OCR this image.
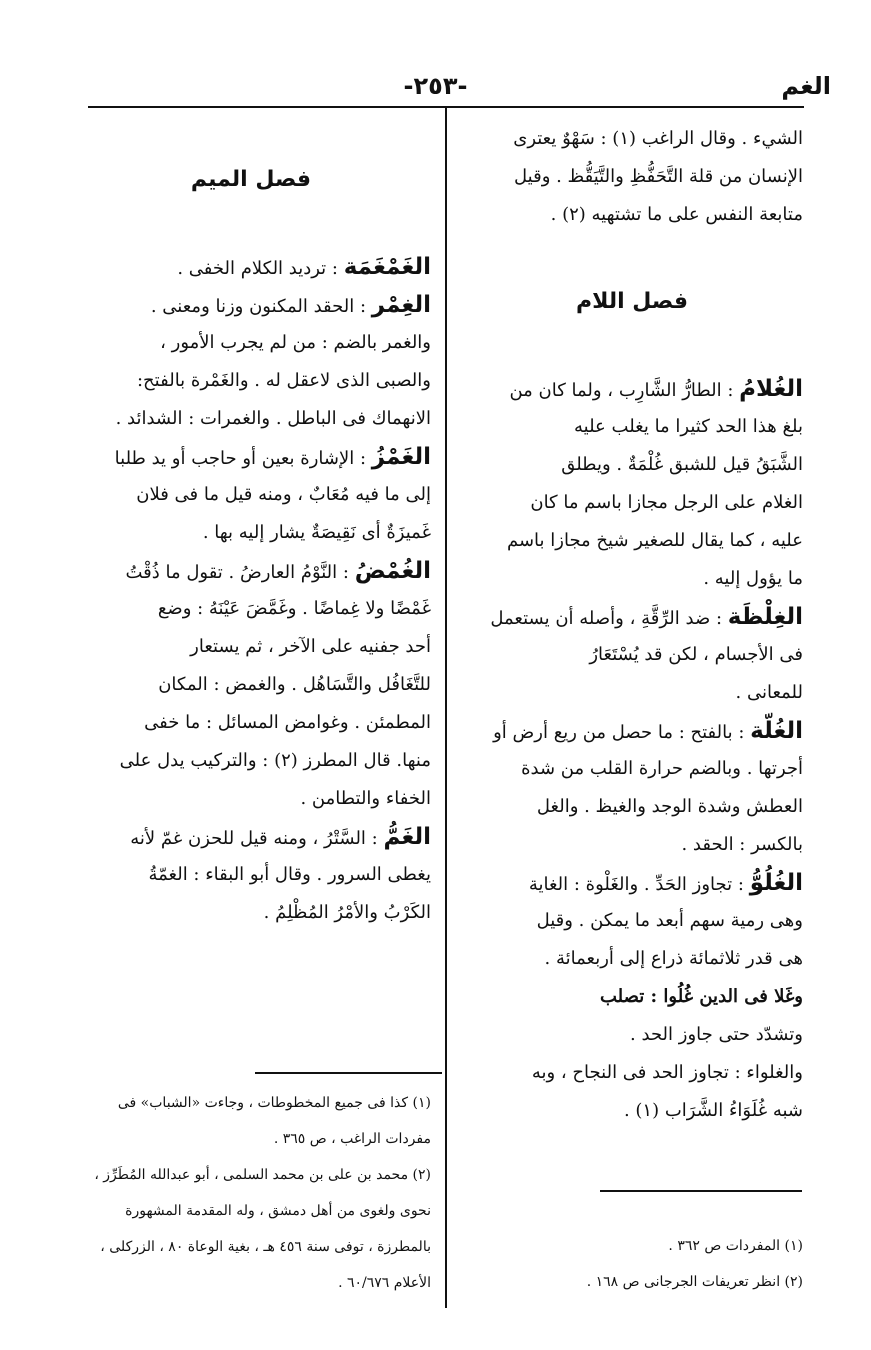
الغم
-٢٥٣-
الشيء . وقال الراغب (١) : سَهْوٌ يعترى
الإنسان من قلة التَّحَفُّظِ والتَّيَقُّظ . وقيل
متابعة النفس على ما تشتهيه (٢) .
فصل اللام
الغُلامُ : الطارُّ الشَّارِب ، ولما كان من
بلغ هذا الحد كثيرا ما يغلب عليه
الشَّبَقُ قيل للشبق غُلْمَةٌ . ويطلق
الغلام على الرجل مجازا باسم ما كان
عليه ، كما يقال للصغير شيخ مجازا باسم
ما يؤول إليه .
الغِلْظَة : ضد الرِّقَّةِ ، وأصله أن يستعمل
فى الأجسام ، لكن قد يُسْتَعَارُ
للمعانى .
الغُلّة : بالفتح : ما حصل من ريع أرض أو
أجرتها . وبالضم حرارة القلب من شدة
العطش وشدة الوجد والغيظ . والغل
بالكسر : الحقد .
الغُلُوُّ : تجاوز الحَدِّ . والغَلْوة : الغاية
وهى رمية سهم أبعد ما يمكن . وقيل
هى قدر ثلاثمائة ذراع إلى أربعمائة .
وغَلا فى الدين غُلُوا : تصلب
وتشدّد حتى جاوز الحد .
والغلواء : تجاوز الحد فى النجاح ، وبه
شبه غُلَوَاءُ الشَّرَاب (١) .
فصل الميم
الغَمْغَمَة : ترديد الكلام الخفى .
الغِمْر : الحقد المكنون وزنا ومعنى .
والغمر بالضم : من لم يجرب الأمور ،
والصبى الذى لاعقل له . والغَمْرة بالفتح:
الانهماك فى الباطل . والغمرات : الشدائد .
الغَمْزُ : الإشارة بعين أو حاجب أو يد طلبا
إلى ما فيه مُعَابٌ ، ومنه قيل ما فى فلان
غَميزَةٌ أى نَقِيصَةٌ يشار إليه بها .
الغُمْضُ : النَّوْمُ العارضُ . تقول ما ذُقْتُ
غَمْضًا ولا غِماضًا . وغَمَّضَ عَيْنَهُ : وضع
أحد جفنيه على الآخر ، ثم يستعار
للتَّغَافُل والتَّسَاهُل . والغمض : المكان
المطمئن . وغوامض المسائل : ما خفى
منها. قال المطرز (٢) : والتركيب يدل على
الخفاء والتطامن .
الغَمُّ : السَّتْرُ ، ومنه قيل للحزن غمّ لأنه
يغطى السرور . وقال أبو البقاء : الغمّةُ
الكَرْبُ والأمْرُ المُظْلِمُ .
(١) كذا فى جميع المخطوطات ، وجاءت «الشباب» فى
مفردات الراغب ، ص ٣٦٥ .
(٢) محمد بن على بن محمد السلمى ، أبو عبدالله المُطَرِّز ،
نحوى ولغوى من أهل دمشق ، وله المقدمة المشهورة
بالمطرزة ، توفى سنة ٤٥٦ هـ ، بغية الوعاة ٨٠ ، الزركلى ،
الأعلام ٦٠/٦٧٦ .
(١) المفردات ص ٣٦٢ .
(٢) انظر تعريفات الجرجانى ص ١٦٨ .
